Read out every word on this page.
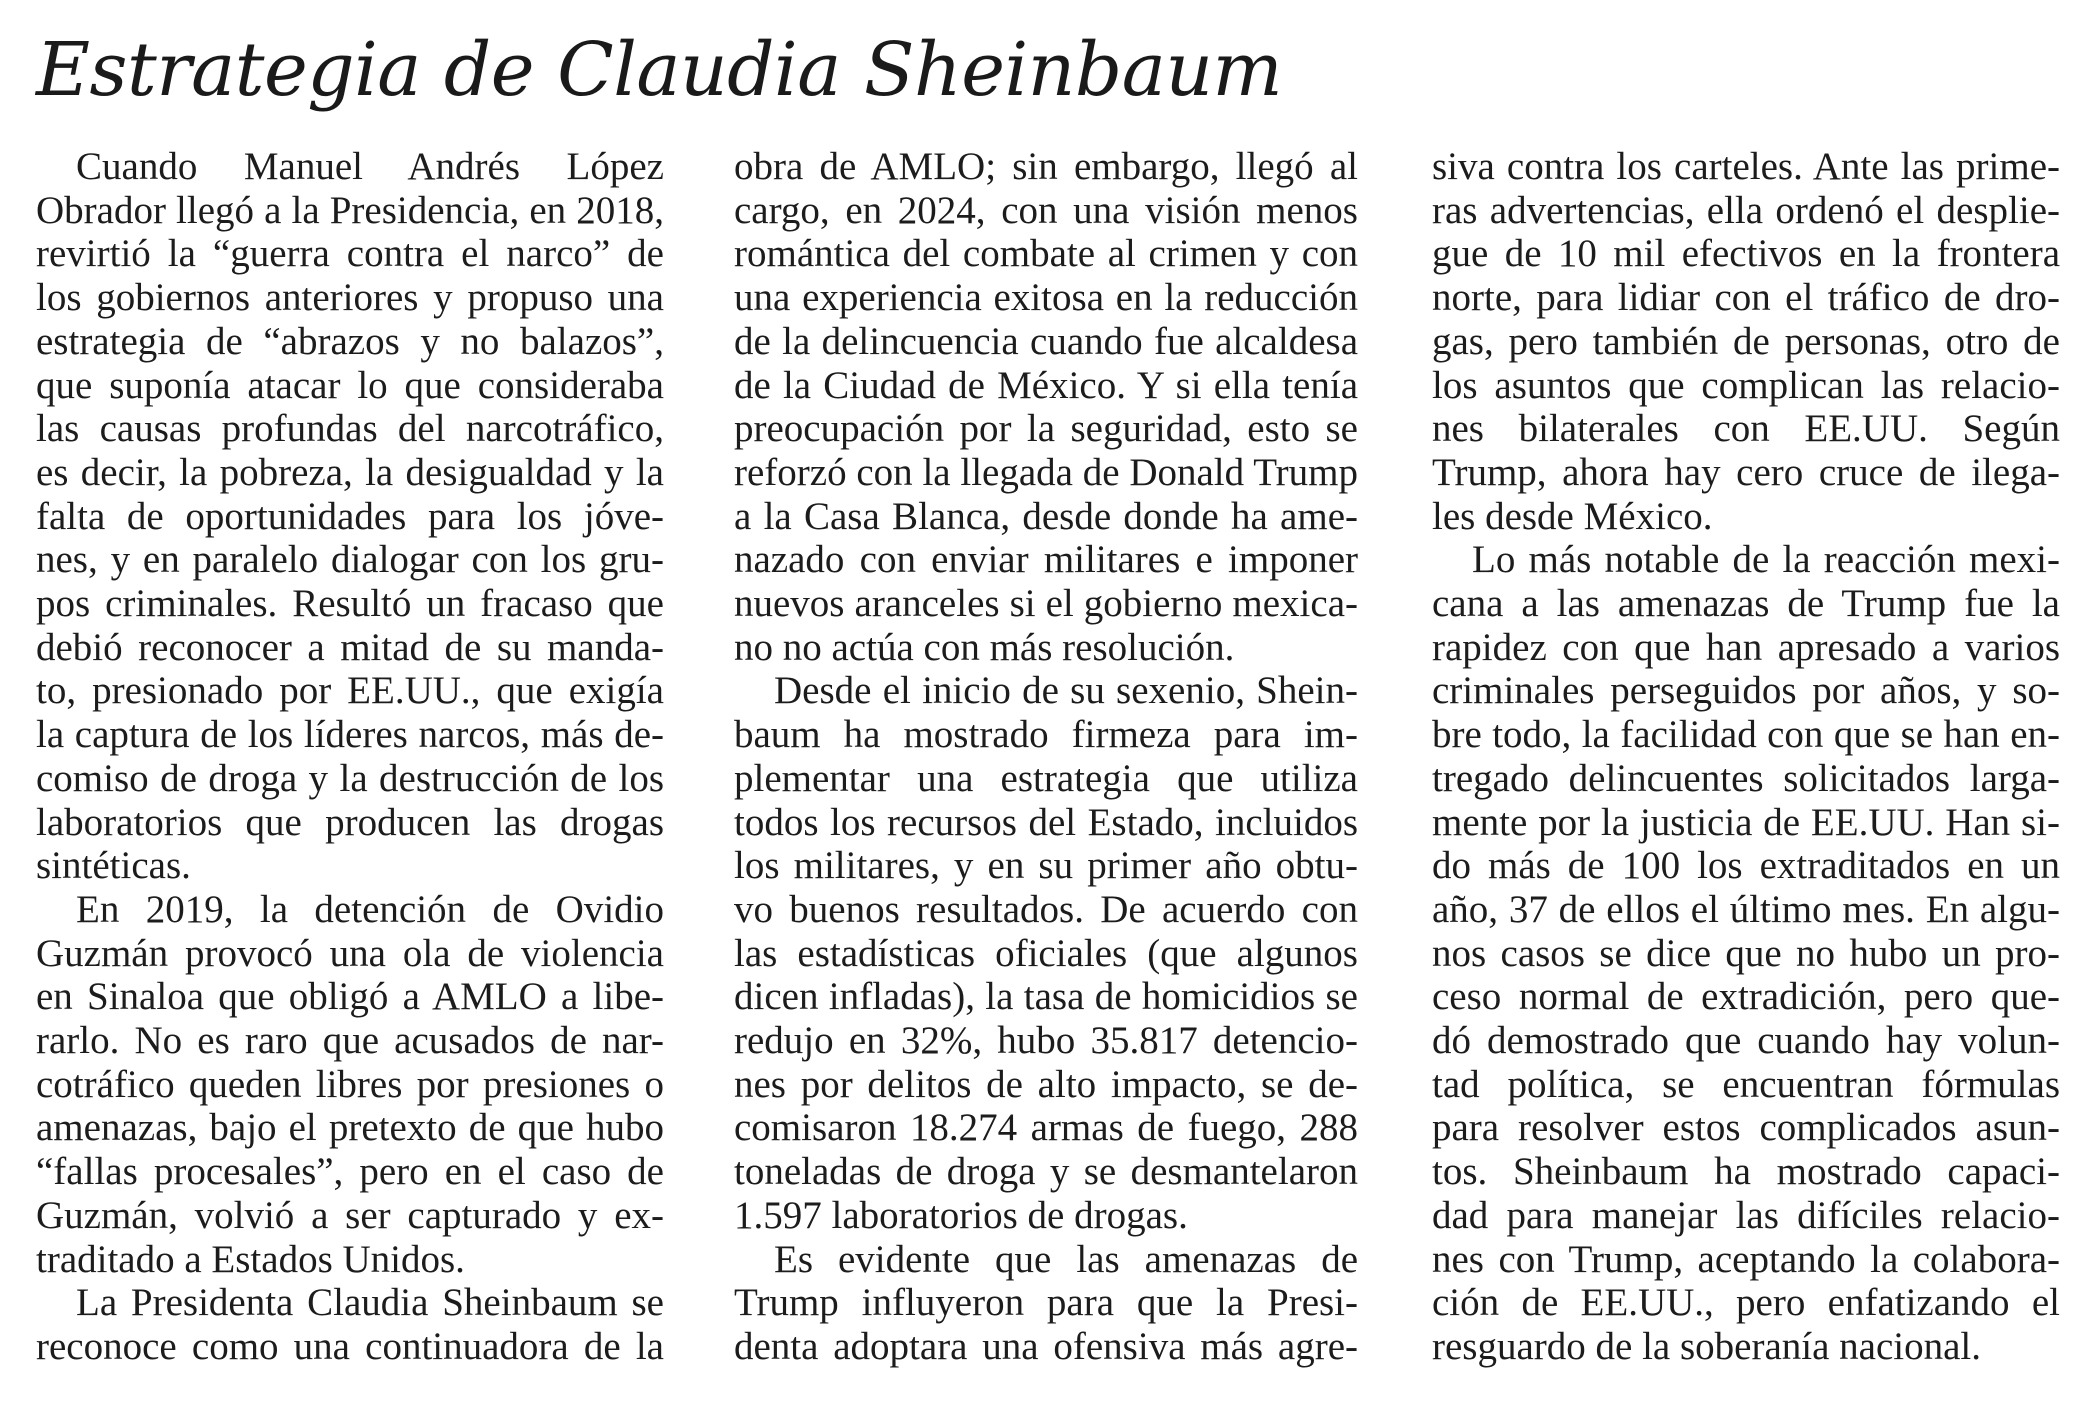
Estrategia de Claudia Sheinbaum
Cuando Manuel Andrés López
Obrador llegó a la Presidencia, en 2018,
revirtió la “guerra contra el narco” de
los gobiernos anteriores y propuso una
estrategia de “abrazos y no balazos”,
que suponía atacar lo que consideraba
las causas profundas del narcotráfico,
es decir, la pobreza, la desigualdad y la
falta de oportunidades para los jóve-
nes, y en paralelo dialogar con los gru-
pos criminales. Resultó un fracaso que
debió reconocer a mitad de su manda-
to, presionado por EE.UU., que exigía
la captura de los líderes narcos, más de-
comiso de droga y la destrucción de los
laboratorios que producen las drogas
sintéticas.
En 2019, la detención de Ovidio
Guzmán provocó una ola de violencia
en Sinaloa que obligó a AMLO a libe-
rarlo. No es raro que acusados de nar-
cotráfico queden libres por presiones o
amenazas, bajo el pretexto de que hubo
“fallas procesales”, pero en el caso de
Guzmán, volvió a ser capturado y ex-
traditado a Estados Unidos.
La Presidenta Claudia Sheinbaum se
reconoce como una continuadora de la
obra de AMLO; sin embargo, llegó al
cargo, en 2024, con una visión menos
romántica del combate al crimen y con
una experiencia exitosa en la reducción
de la delincuencia cuando fue alcaldesa
de la Ciudad de México. Y si ella tenía
preocupación por la seguridad, esto se
reforzó con la llegada de Donald Trump
a la Casa Blanca, desde donde ha ame-
nazado con enviar militares e imponer
nuevos aranceles si el gobierno mexica-
no no actúa con más resolución.
Desde el inicio de su sexenio, Shein-
baum ha mostrado firmeza para im-
plementar una estrategia que utiliza
todos los recursos del Estado, incluidos
los militares, y en su primer año obtu-
vo buenos resultados. De acuerdo con
las estadísticas oficiales (que algunos
dicen infladas), la tasa de homicidios se
redujo en 32%, hubo 35.817 detencio-
nes por delitos de alto impacto, se de-
comisaron 18.274 armas de fuego, 288
toneladas de droga y se desmantelaron
1.597 laboratorios de drogas.
Es evidente que las amenazas de
Trump influyeron para que la Presi-
denta adoptara una ofensiva más agre-
siva contra los carteles. Ante las prime-
ras advertencias, ella ordenó el desplie-
gue de 10 mil efectivos en la frontera
norte, para lidiar con el tráfico de dro-
gas, pero también de personas, otro de
los asuntos que complican las relacio-
nes bilaterales con EE.UU. Según
Trump, ahora hay cero cruce de ilega-
les desde México.
Lo más notable de la reacción mexi-
cana a las amenazas de Trump fue la
rapidez con que han apresado a varios
criminales perseguidos por años, y so-
bre todo, la facilidad con que se han en-
tregado delincuentes solicitados larga-
mente por la justicia de EE.UU. Han si-
do más de 100 los extraditados en un
año, 37 de ellos el último mes. En algu-
nos casos se dice que no hubo un pro-
ceso normal de extradición, pero que-
dó demostrado que cuando hay volun-
tad política, se encuentran fórmulas
para resolver estos complicados asun-
tos. Sheinbaum ha mostrado capaci-
dad para manejar las difíciles relacio-
nes con Trump, aceptando la colabora-
ción de EE.UU., pero enfatizando el
resguardo de la soberanía nacional.
